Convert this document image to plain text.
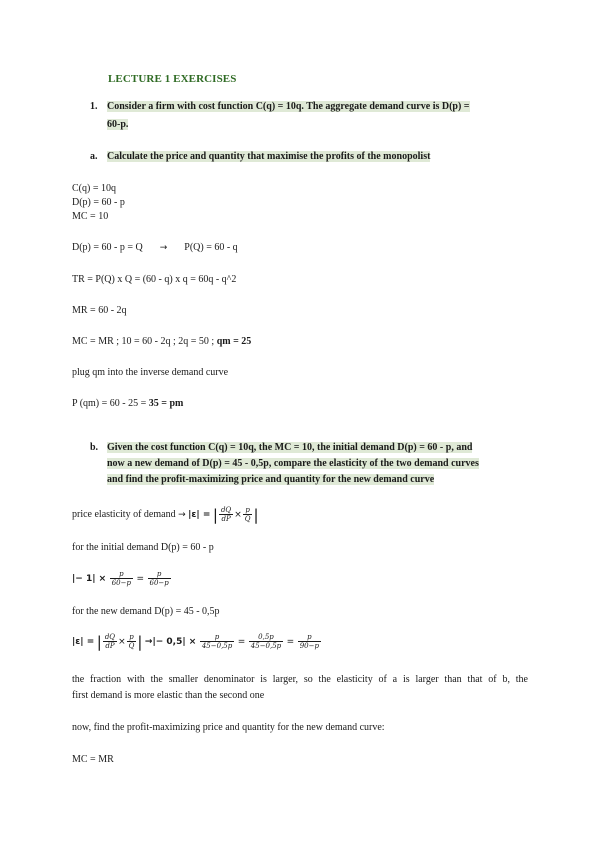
LECTURE 1 EXERCISES
1. Consider a firm with cost function C(q) = 10q. The aggregate demand curve is D(p) =
60-p.
a. Calculate the price and quantity that maximise the profits of the monopolist
C(q) = 10q
D(p) = 60 - p
MC = 10
D(p) = 60 - p = Q → P(Q) = 60 - q
TR = P(Q) x Q = (60 - q) x q = 60q - q^2
MR = 60 - 2q
MC = MR ; 10 = 60 - 2q ; 2q = 50 ; qm = 25
plug qm into the inverse demand curve
P (qm) = 60 - 25 = 35 = pm
b. Given the cost function C(q) = 10q, the MC = 10, the initial demand D(p) = 60 - p, and
now a new demand of D(p) = 45 - 0,5p, compare the elasticity of the two demand curves
and find the profit-maximizing price and quantity for the new demand curve
price elasticity of demand → |ε| = | $\frac{dQ}{dP} \times \frac{p}{Q}$ |
for the initial demand D(p) = 60 - p
|− $1| \times \frac{p}{60-p} = \frac{p}{60-p}$
for the new demand D(p) = 45 - 0,5p
|ε| = | $\frac{dQ}{dP} \times \frac{p}{Q}$ | →|− $0,5| \times \frac{p}{45-0,5p} = \frac{0,5p}{45-0,5p} = \frac{p}{90-p}$
the fraction with the smaller denominator is larger, so the elasticity of a is larger than that of b, the
first demand is more elastic than the second one
now, find the profit-maximizing price and quantity for the new demand curve:
MC = MR
